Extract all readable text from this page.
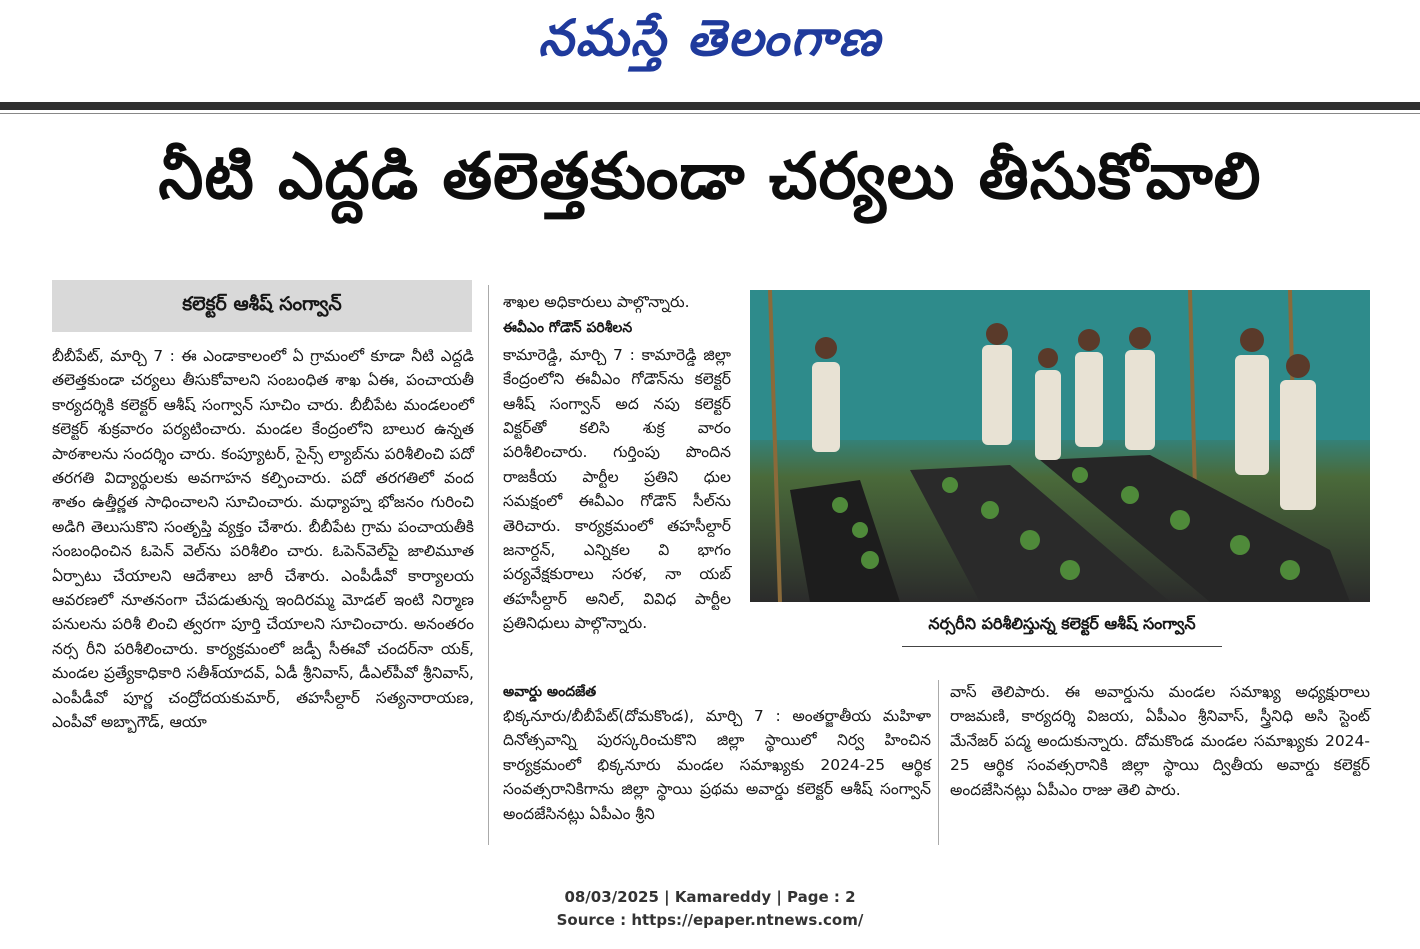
నమస్తే తెలంగాణ
నీటి ఎద్దడి తలెత్తకుండా చర్యలు తీసుకోవాలి
కలెక్టర్ ఆశీష్ సంగ్వాన్

బీబీపేట్, మార్చి 7 : ఈ ఎండాకాలంలో ఏ గ్రామంలో కూడా నీటి ఎద్దడి తలెత్తకుండా చర్యలు తీసుకోవాలని సంబంధిత శాఖ ఏఈ, పంచాయతీ కార్యదర్శికి కలెక్టర్ ఆశీష్ సంగ్వాన్ సూచిం చారు. బీబీపేట మండలంలో కలెక్టర్ శుక్రవారం పర్యటించారు. మండల కేంద్రంలోని బాలుర ఉన్నత పాఠశాలను సందర్శిం చారు. కంప్యూటర్, సైన్స్ ల్యాబ్‌ను పరిశీలించి పదో తరగతి విద్యార్థులకు అవగాహన కల్పించారు. పదో తరగతిలో వంద శాతం ఉత్తీర్ణత సాధించాలని సూచించారు. మధ్యాహ్న భోజనం గురించి అడిగి తెలుసుకొని సంతృప్తి వ్యక్తం చేశారు. బీబీపేట గ్రామ పంచాయతీకి సంబంధించిన ఓపెన్ వెల్‌ను పరిశీలిం చారు. ఓపెన్‌వెల్‌పై జాలిమూత ఏర్పాటు చేయాలని ఆదేశాలు జారీ చేశారు. ఎంపీడీవో కార్యాలయ ఆవరణలో నూతనంగా చేపడుతున్న ఇందిరమ్మ మోడల్ ఇంటి నిర్మాణ పనులను పరిశీ లించి త్వరగా పూర్తి చేయాలని సూచించారు. అనంతరం నర్స రీని పరిశీలించారు. కార్యక్రమంలో జడ్పీ సీఈవో చందర్‌నా యక్, మండల ప్రత్యేకాధికారి సతీశ్‌యాదవ్, ఏడీ శ్రీనివాస్, డీఎల్‌పీవో శ్రీనివాస్, ఎంపీడీవో పూర్ణ చంద్రోదయకుమార్, తహసీల్దార్ సత్యనారాయణ, ఎంపీవో అబ్బాగౌడ్, ఆయా

శాఖల అధికారులు పాల్గొన్నారు.

ఈవీఎం గోడౌన్ పరిశీలన

కామారెడ్డి, మార్చి 7 : కామారెడ్డి జిల్లా కేంద్రంలోని ఈవీఎం గోడౌన్‌ను కలెక్టర్ ఆశీష్ సంగ్వాన్ అద నపు కలెక్టర్ విక్టర్‌తో కలిసి శుక్ర వారం పరిశీలించారు. గుర్తింపు పొందిన రాజకీయ పార్టీల ప్రతిని ధుల సమక్షంలో ఈవీఎం గోడౌన్ సీల్‌ను తెరిచారు. కార్యక్రమంలో తహసీల్దార్ జనార్దన్, ఎన్నికల వి భాగం పర్యవేక్షకురాలు సరళ, నా యబ్ తహసీల్దార్ అనిల్, వివిధ పార్టీల ప్రతినిధులు పాల్గొన్నారు.	నర్సరీని పరిశీలిస్తున్న కలెక్టర్ ఆశీష్ సంగ్వాన్

అవార్డు అందజేత

భిక్కనూరు/బీబీపేట్(దోమకొండ), మార్చి 7 : అంతర్జాతీయ మహిళా దినోత్సవాన్ని పురస్కరించుకొని జిల్లా స్థాయిలో నిర్వ హించిన కార్యక్రమంలో భిక్కనూరు మండల సమాఖ్యకు 2024-25 ఆర్థిక సంవత్సరానికిగాను జిల్లా స్థాయి ప్రథమ అవార్డు కలెక్టర్ ఆశీష్ సంగ్వాన్ అందజేసినట్లు ఏపీఎం శ్రీని

వాస్ తెలిపారు. ఈ అవార్డును మండల సమాఖ్య అధ్యక్షురాలు రాజమణి, కార్యదర్శి విజయ, ఏపీఎం శ్రీనివాస్, స్త్రీనిధి అసి స్టెంట్ మేనేజర్ పద్మ అందుకున్నారు. దోమకొండ మండల సమాఖ్యకు 2024-25 ఆర్థిక సంవత్సరానికి జిల్లా స్థాయి ద్వితీయ అవార్డు కలెక్టర్ అందజేసినట్లు ఏపీఎం రాజు తెలి పారు.

08/03/2025 | Kamareddy | Page : 2
Source : https://epaper.ntnews.com/
